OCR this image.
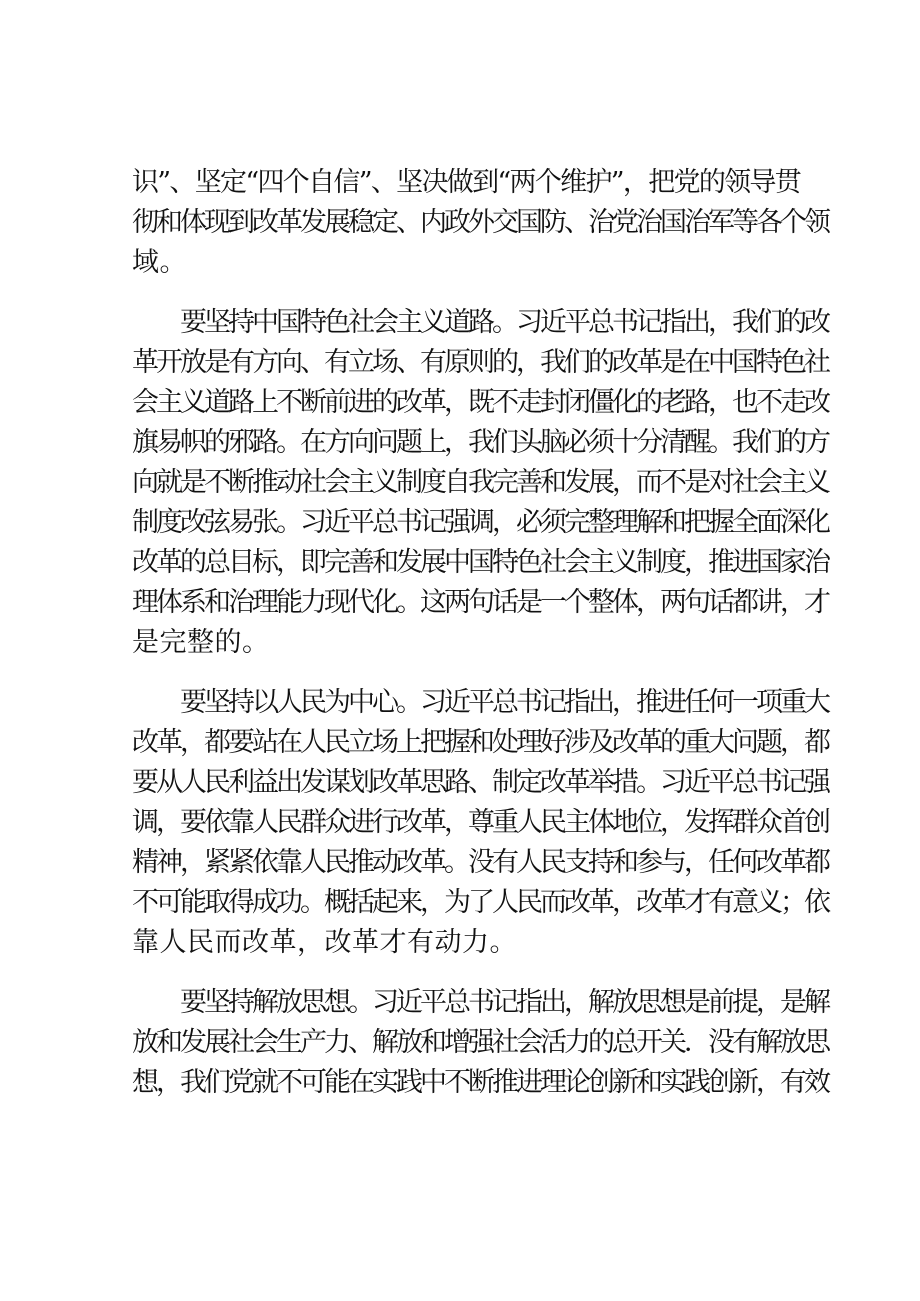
识”、坚定“四个自信”、坚决做到“两个维护”，把党的领导贯
彻和体现到改革发展稳定、内政外交国防、治党治国治军等各个领
域。
　　要坚持中国特色社会主义道路。习近平总书记指出，我们的改
革开放是有方向、有立场、有原则的，我们的改革是在中国特色社
会主义道路上不断前进的改革，既不走封闭僵化的老路，也不走改
旗易帜的邪路。在方向问题上，我们头脑必须十分清醒。我们的方
向就是不断推动社会主义制度自我完善和发展，而不是对社会主义
制度改弦易张。习近平总书记强调，必须完整理解和把握全面深化
改革的总目标，即完善和发展中国特色社会主义制度，推进国家治
理体系和治理能力现代化。这两句话是一个整体，两句话都讲，才
是完整的。
　　要坚持以人民为中心。习近平总书记指出，推进任何一项重大
改革，都要站在人民立场上把握和处理好涉及改革的重大问题，都
要从人民利益出发谋划改革思路、制定改革举措。习近平总书记强
调，要依靠人民群众进行改革，尊重人民主体地位，发挥群众首创
精神，紧紧依靠人民推动改革。没有人民支持和参与，任何改革都
不可能取得成功。概括起来，为了人民而改革，改革才有意义；依
靠人民而改革，改革才有动力。
　　要坚持解放思想。习近平总书记指出，解放思想是前提，是解
放和发展社会生产力、解放和增强社会活力的总开关．没有解放思
想，我们党就不可能在实践中不断推进理论创新和实践创新，有效
